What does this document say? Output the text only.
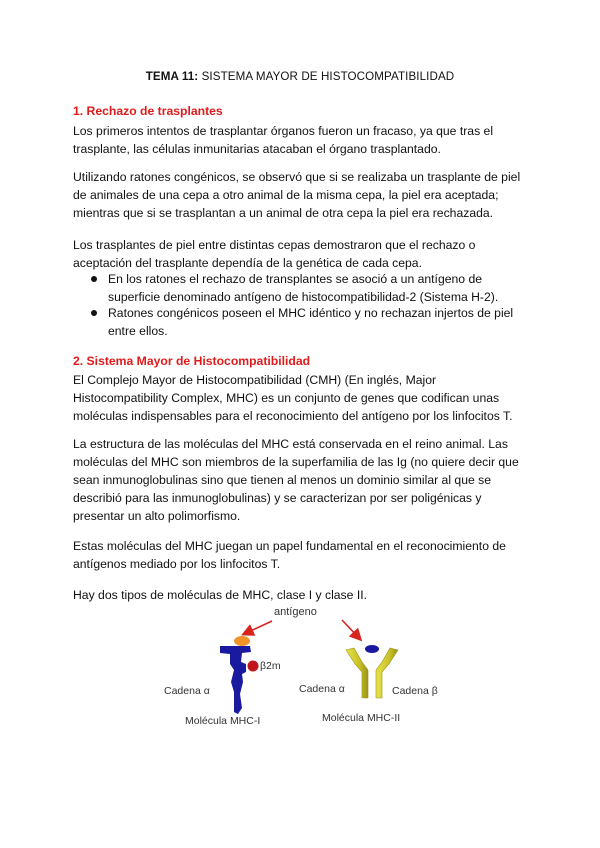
TEMA 11: SISTEMA MAYOR DE HISTOCOMPATIBILIDAD
1. Rechazo de trasplantes
Los primeros intentos de trasplantar órganos fueron un fracaso, ya que tras el
trasplante, las células inmunitarias atacaban el órgano trasplantado.
Utilizando ratones congénicos, se observó que si se realizaba un trasplante de piel
de animales de una cepa a otro animal de la misma cepa, la piel era aceptada;
mientras que si se trasplantan a un animal de otra cepa la piel era rechazada.
Los trasplantes de piel entre distintas cepas demostraron que el rechazo o
aceptación del trasplante dependía de la genética de cada cepa.
En los ratones el rechazo de transplantes se asoció a un antígeno de
superficie denominado antígeno de histocompatibilidad-2 (Sistema H-2).
Ratones congénicos poseen el MHC idéntico y no rechazan injertos de piel
entre ellos.
2. Sistema Mayor de Histocompatibilidad
El Complejo Mayor de Histocompatibilidad (CMH) (En inglés, Major
Histocompatibility Complex, MHC) es un conjunto de genes que codifican unas
moléculas indispensables para el reconocimiento del antígeno por los linfocitos T.
La estructura de las moléculas del MHC está conservada en el reino animal. Las
moléculas del MHC son miembros de la superfamilia de las Ig (no quiere decir que
sean inmunoglobulinas sino que tienen al menos un dominio similar al que se
describió para las inmunoglobulinas) y se caracterizan por ser poligénicas y
presentar un alto polimorfismo.
Estas moléculas del MHC juegan un papel fundamental en el reconocimiento de
antígenos mediado por los linfocitos T.
Hay dos tipos de moléculas de MHC, clase I y clase II.
antígeno
β2m
Cadena α	Cadena α	Cadena β
Molécula MHC-I	Molécula MHC-II
